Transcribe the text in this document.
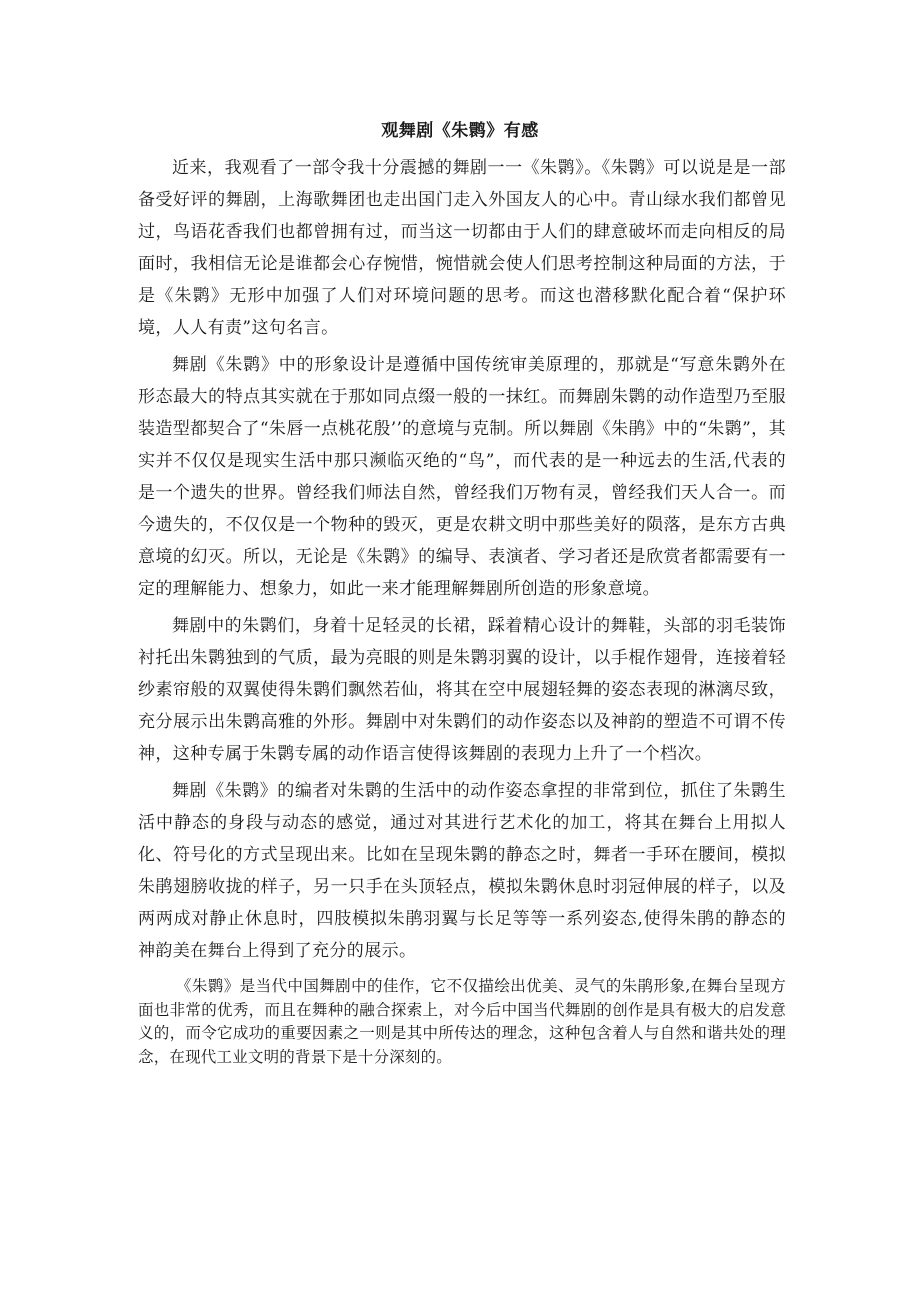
观舞剧《朱鹮》有感

近来，我观看了一部令我十分震撼的舞剧一一《朱鹮》。《朱鹮》可以说是是一部备受好评的舞剧，上海歌舞团也走出国门走入外国友人的心中。青山绿水我们都曾见过，鸟语花香我们也都曾拥有过，而当这一切都由于人们的肆意破坏而走向相反的局面时，我相信无论是谁都会心存惋惜，惋惜就会使人们思考控制这种局面的方法，于是《朱鹮》无形中加强了人们对环境问题的思考。而这也潜移默化配合着“保护环境，人人有责”这句名言。

舞剧《朱鹮》中的形象设计是遵循中国传统审美原理的，那就是“写意朱鹮外在形态最大的特点其实就在于那如同点缀一般的一抹红。而舞剧朱鹮的动作造型乃至服装造型都契合了“朱唇一点桃花殷’’的意境与克制。所以舞剧《朱鹃》中的“朱鹮”，其实并不仅仅是现实生活中那只濒临灭绝的“鸟”，而代表的是一种远去的生活,代表的是一个遗失的世界。曾经我们师法自然，曾经我们万物有灵，曾经我们天人合一。而今遗失的，不仅仅是一个物种的毁灭，更是农耕文明中那些美好的陨落，是东方古典意境的幻灭。所以，无论是《朱鹮》的编导、表演者、学习者还是欣赏者都需要有一定的理解能力、想象力，如此一来才能理解舞剧所创造的形象意境。

舞剧中的朱鹮们，身着十足轻灵的长裙，踩着精心设计的舞鞋，头部的羽毛装饰衬托出朱鹮独到的气质，最为亮眼的则是朱鹮羽翼的设计，以手棍作翅骨，连接着轻纱素帘般的双翼使得朱鹮们飘然若仙，将其在空中展翅轻舞的姿态表现的淋漓尽致，充分展示出朱鹮高雅的外形。舞剧中对朱鹮们的动作姿态以及神韵的塑造不可谓不传神，这种专属于朱鹮专属的动作语言使得该舞剧的表现力上升了一个档次。

舞剧《朱鹮》的编者对朱鹮的生活中的动作姿态拿捏的非常到位，抓住了朱鹮生活中静态的身段与动态的感觉，通过对其进行艺术化的加工，将其在舞台上用拟人化、符号化的方式呈现出来。比如在呈现朱鹮的静态之时，舞者一手环在腰间，模拟朱鹃翅膀收拢的样子，另一只手在头顶轻点，模拟朱鹮休息时羽冠伸展的样子，以及两两成对静止休息时，四肢模拟朱鹃羽翼与长足等等一系列姿态,使得朱鹃的静态的神韵美在舞台上得到了充分的展示。

《朱鹮》是当代中国舞剧中的佳作，它不仅描绘出优美、灵气的朱鹃形象,在舞台呈现方面也非常的优秀，而且在舞种的融合探索上，对今后中国当代舞剧的创作是具有极大的启发意义的，而令它成功的重要因素之一则是其中所传达的理念，这种包含着人与自然和谐共处的理念，在现代工业文明的背景下是十分深刻的。
